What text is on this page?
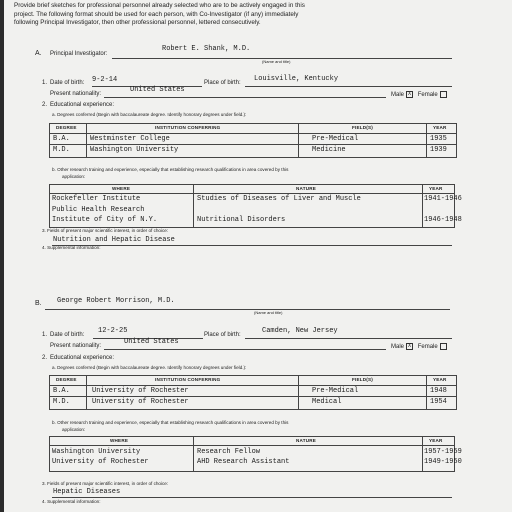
Provide brief sketches for professional personnel already selected who are to be actively engaged in this
project. The following format should be used for each person, with Co-Investigator (if any) immediately
following Principal Investigator, then other professional personnel, lettered consecutively.
A. Principal Investigator:
Robert E. Shank, M.D.
(Name and title)
1. Date of birth: 9-2-14	Place of birth: Louisville, Kentucky
Present nationality:	United States
Male X Female
2. Educational experience:
a. Degrees conferred (Begin with baccalaureate degree. Identify honorary degrees under field.):
DEGREE	INSTITUTION CONFERRING	FIELD(S)	YEAR
B.A.	Westminster College	Pre-Medical	1935
M.D.	Washington University	Medicine	1939
b. Other research training and experience, especially that establishing research qualifications in area covered by this
application:
WHERE	NATURE	YEAR
Rockefeller Institute	Studies of Diseases of Liver and Muscle	1941-1946
Public Health Research
Institute of City of N.Y.	Nutritional Disorders	1946-1948
3. Fields of present major scientific interest, in order of choice:
Nutrition and Hepatic Disease
4. Supplemental information:
B. George Robert Morrison, M.D.
(Name and title)
1. Date of birth: 12-2-25	Place of birth:	Camden, New Jersey
Present nationality:	United States
Male X Female
2. Educational experience:
a. Degrees conferred (Begin with baccalaureate degree. Identify honorary degrees under field.):
DEGREE	INSTITUTION CONFERRING	FIELD(S)	YEAR
B.A.	University of Rochester	Pre-Medical	1948
M.D.	University of Rochester	Medical	1954
b. Other research training and experience, especially that establishing research qualifications in area covered by this
application:
WHERE	NATURE	YEAR
Washington University	Research Fellow	1957-1959
University of Rochester	AHD Research Assistant	1949-1950
3. Fields of present major scientific interest, in order of choice:
Hepatic Diseases
4. Supplemental information:
